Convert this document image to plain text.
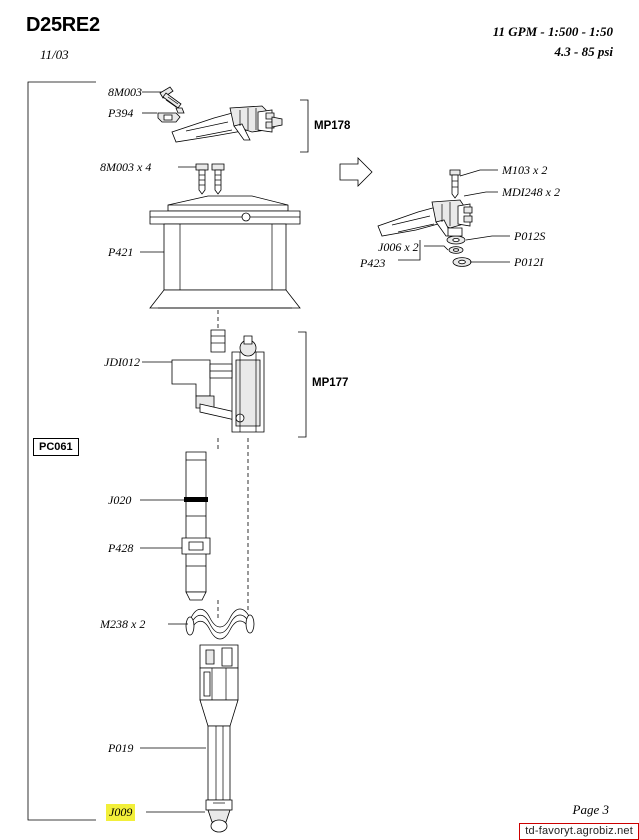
D25RE2
11/03
11 GPM - 1:500 - 1:50
4.3 - 85 psi
Page 3
td-favoryt.agrobiz.net
8M003
P394
8M003 x 4
P421
JDI012
J020
P428
M238 x 2
P019
J009
M103 x 2
MDI248 x 2
P012S
P012I
J006 x 2
P423
MP178
MP177
PC061
